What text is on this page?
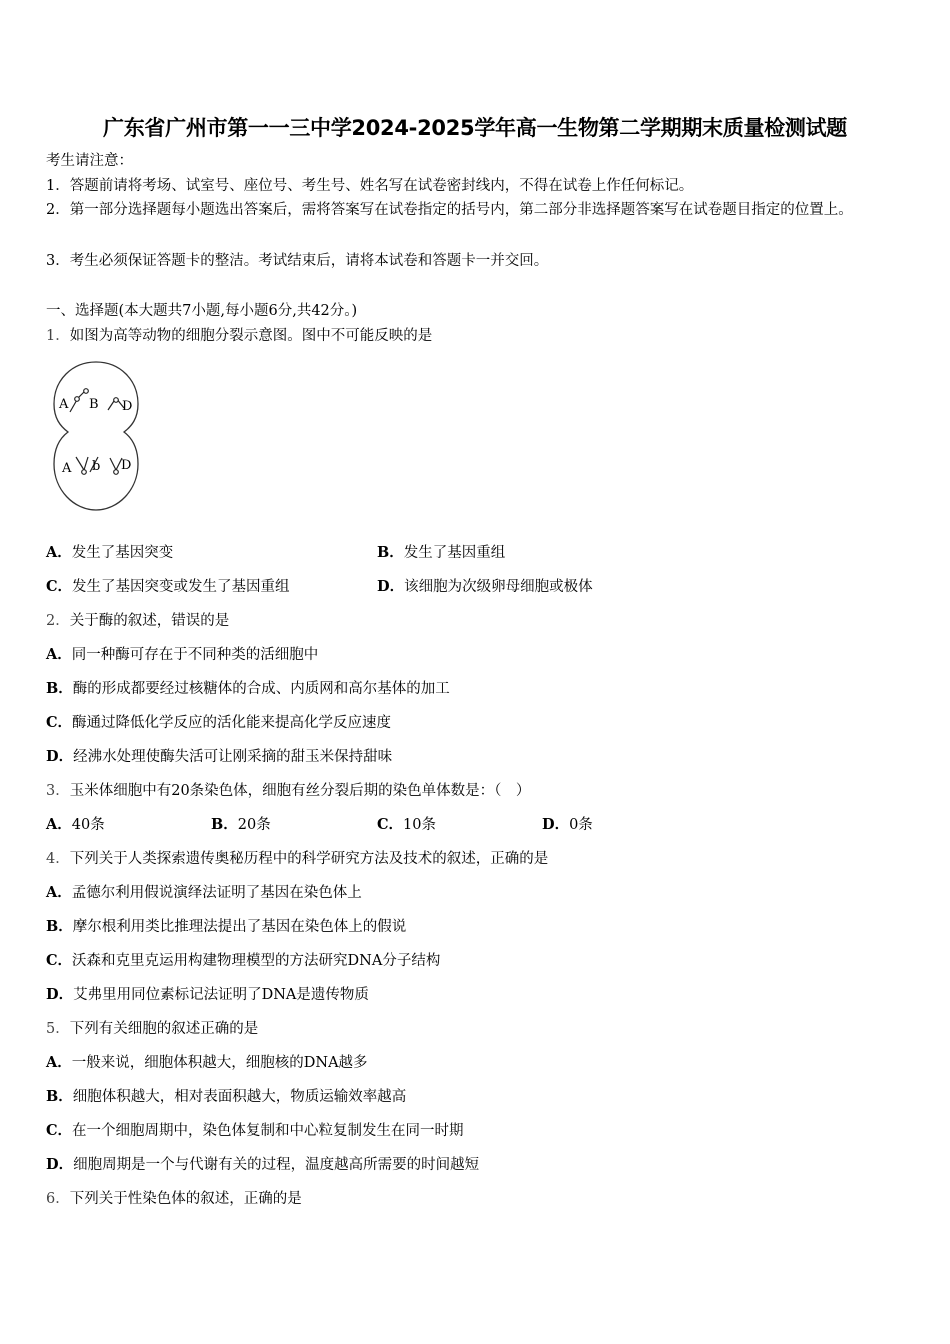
广东省广州市第一一三中学2024-2025学年高一生物第二学期期末质量检测试题
考生请注意：
1．答题前请将考场、试室号、座位号、考生号、姓名写在试卷密封线内，不得在试卷上作任何标记。
2．第一部分选择题每小题选出答案后，需将答案写在试卷指定的括号内，第二部分非选择题答案写在试卷题目指定的位置上。
3．考生必须保证答题卡的整洁。考试结束后，请将本试卷和答题卡一并交回。
一、选择题(本大题共7小题,每小题6分,共42分。)
1．如图为高等动物的细胞分裂示意图。图中不可能反映的是
A B D
A b D
A．发生了基因突变	B．发生了基因重组
C．发生了基因突变或发生了基因重组	D．该细胞为次级卵母细胞或极体
2．关于酶的叙述，错误的是
A．同一种酶可存在于不同种类的活细胞中
B．酶的形成都要经过核糖体的合成、内质网和高尔基体的加工
C．酶通过降低化学反应的活化能来提高化学反应速度
D．经沸水处理使酶失活可让刚采摘的甜玉米保持甜味
3．玉米体细胞中有20条染色体，细胞有丝分裂后期的染色单体数是：（　）
A．40条	B．20条	C．10条	D．0条
4．下列关于人类探索遗传奥秘历程中的科学研究方法及技术的叙述，正确的是
A．孟德尔利用假说演绎法证明了基因在染色体上
B．摩尔根利用类比推理法提出了基因在染色体上的假说
C．沃森和克里克运用构建物理模型的方法研究DNA分子结构
D．艾弗里用同位素标记法证明了DNA是遗传物质
5．下列有关细胞的叙述正确的是
A．一般来说，细胞体积越大，细胞核的DNA越多
B．细胞体积越大，相对表面积越大，物质运输效率越高
C．在一个细胞周期中，染色体复制和中心粒复制发生在同一时期
D．细胞周期是一个与代谢有关的过程，温度越高所需要的时间越短
6．下列关于性染色体的叙述，正确的是
